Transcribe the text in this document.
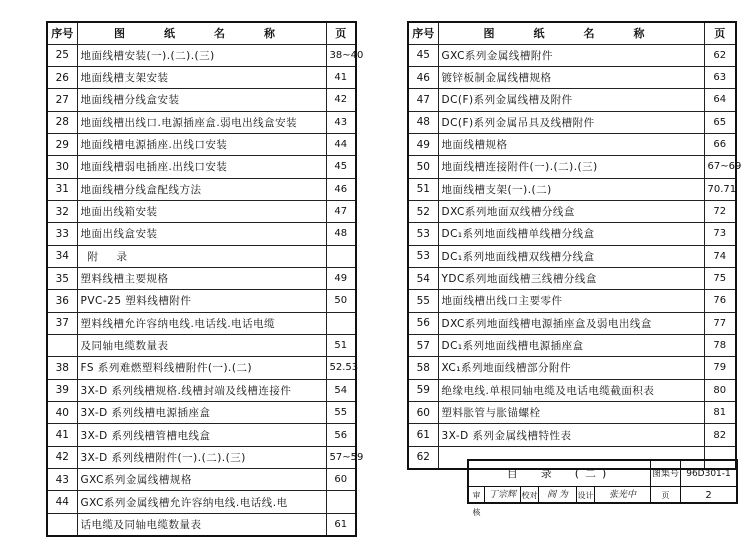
序号	图　纸　名　称	页
25	地面线槽安装(一).(二).(三)	38~40
26	地面线槽支架安装	41
27	地面线槽分线盒安装	42
28	地面线槽出线口.电源插座盒.弱电出线盒安装	43
29	地面线槽电源插座.出线口安装	44
30	地面线槽弱电插座.出线口安装	45
31	地面线槽分线盒配线方法	46
32	地面出线箱安装	47
33	地面出线盒安装	48
34	附　录	
35	塑料线槽主要规格	49
36	PVC-25 塑料线槽附件	50
37	塑料线槽允许容纳电线.电话线.电话电缆	
	及同轴电缆数量表	51
38	FS 系列难燃塑料线槽附件(一).(二)	52.53
39	3X-D 系列线槽规格.线槽封端及线槽连接件	54
40	3X-D 系列线槽电源插座盒	55
41	3X-D 系列线槽管槽电线盒	56
42	3X-D 系列线槽附件(一).(二).(三)	57~59
43	GXC系列金属线槽规格	60
44	GXC系列金属线槽允许容纳电线.电话线.电	
	话电缆及同轴电缆数量表	61
序号	图　纸　名　称	页
45	GXC系列金属线槽附件	62
46	镀锌板制金属线槽规格	63
47	DC(F)系列金属线槽及附件	64
48	DC(F)系列金属吊具及线槽附件	65
49	地面线槽规格	66
50	地面线槽连接附件(一).(二).(三)	67~69
51	地面线槽支架(一).(二)	70.71
52	DXC系列地面双线槽分线盒	72
53	DC₁系列地面线槽单线槽分线盒	73
53	DC₁系列地面线槽双线槽分线盒	74
54	YDC系列地面线槽三线槽分线盒	75
55	地面线槽出线口主要零件	76
56	DXC系列地面线槽电源插座盒及弱电出线盒	77
57	DC₁系列地面线槽电源插座盒	78
58	XC₁系列地面线槽部分附件	79
59	绝缘电线.单根同轴电缆及电话电缆截面积表	80
60	塑料胀管与胀锚螺栓	81
61	3X-D 系列金属线槽特性表	82
62		
目　录　(二)	图集号 96D301-1
审核
丁宗辉 校对	阎 为	设计	张光中	页	2
